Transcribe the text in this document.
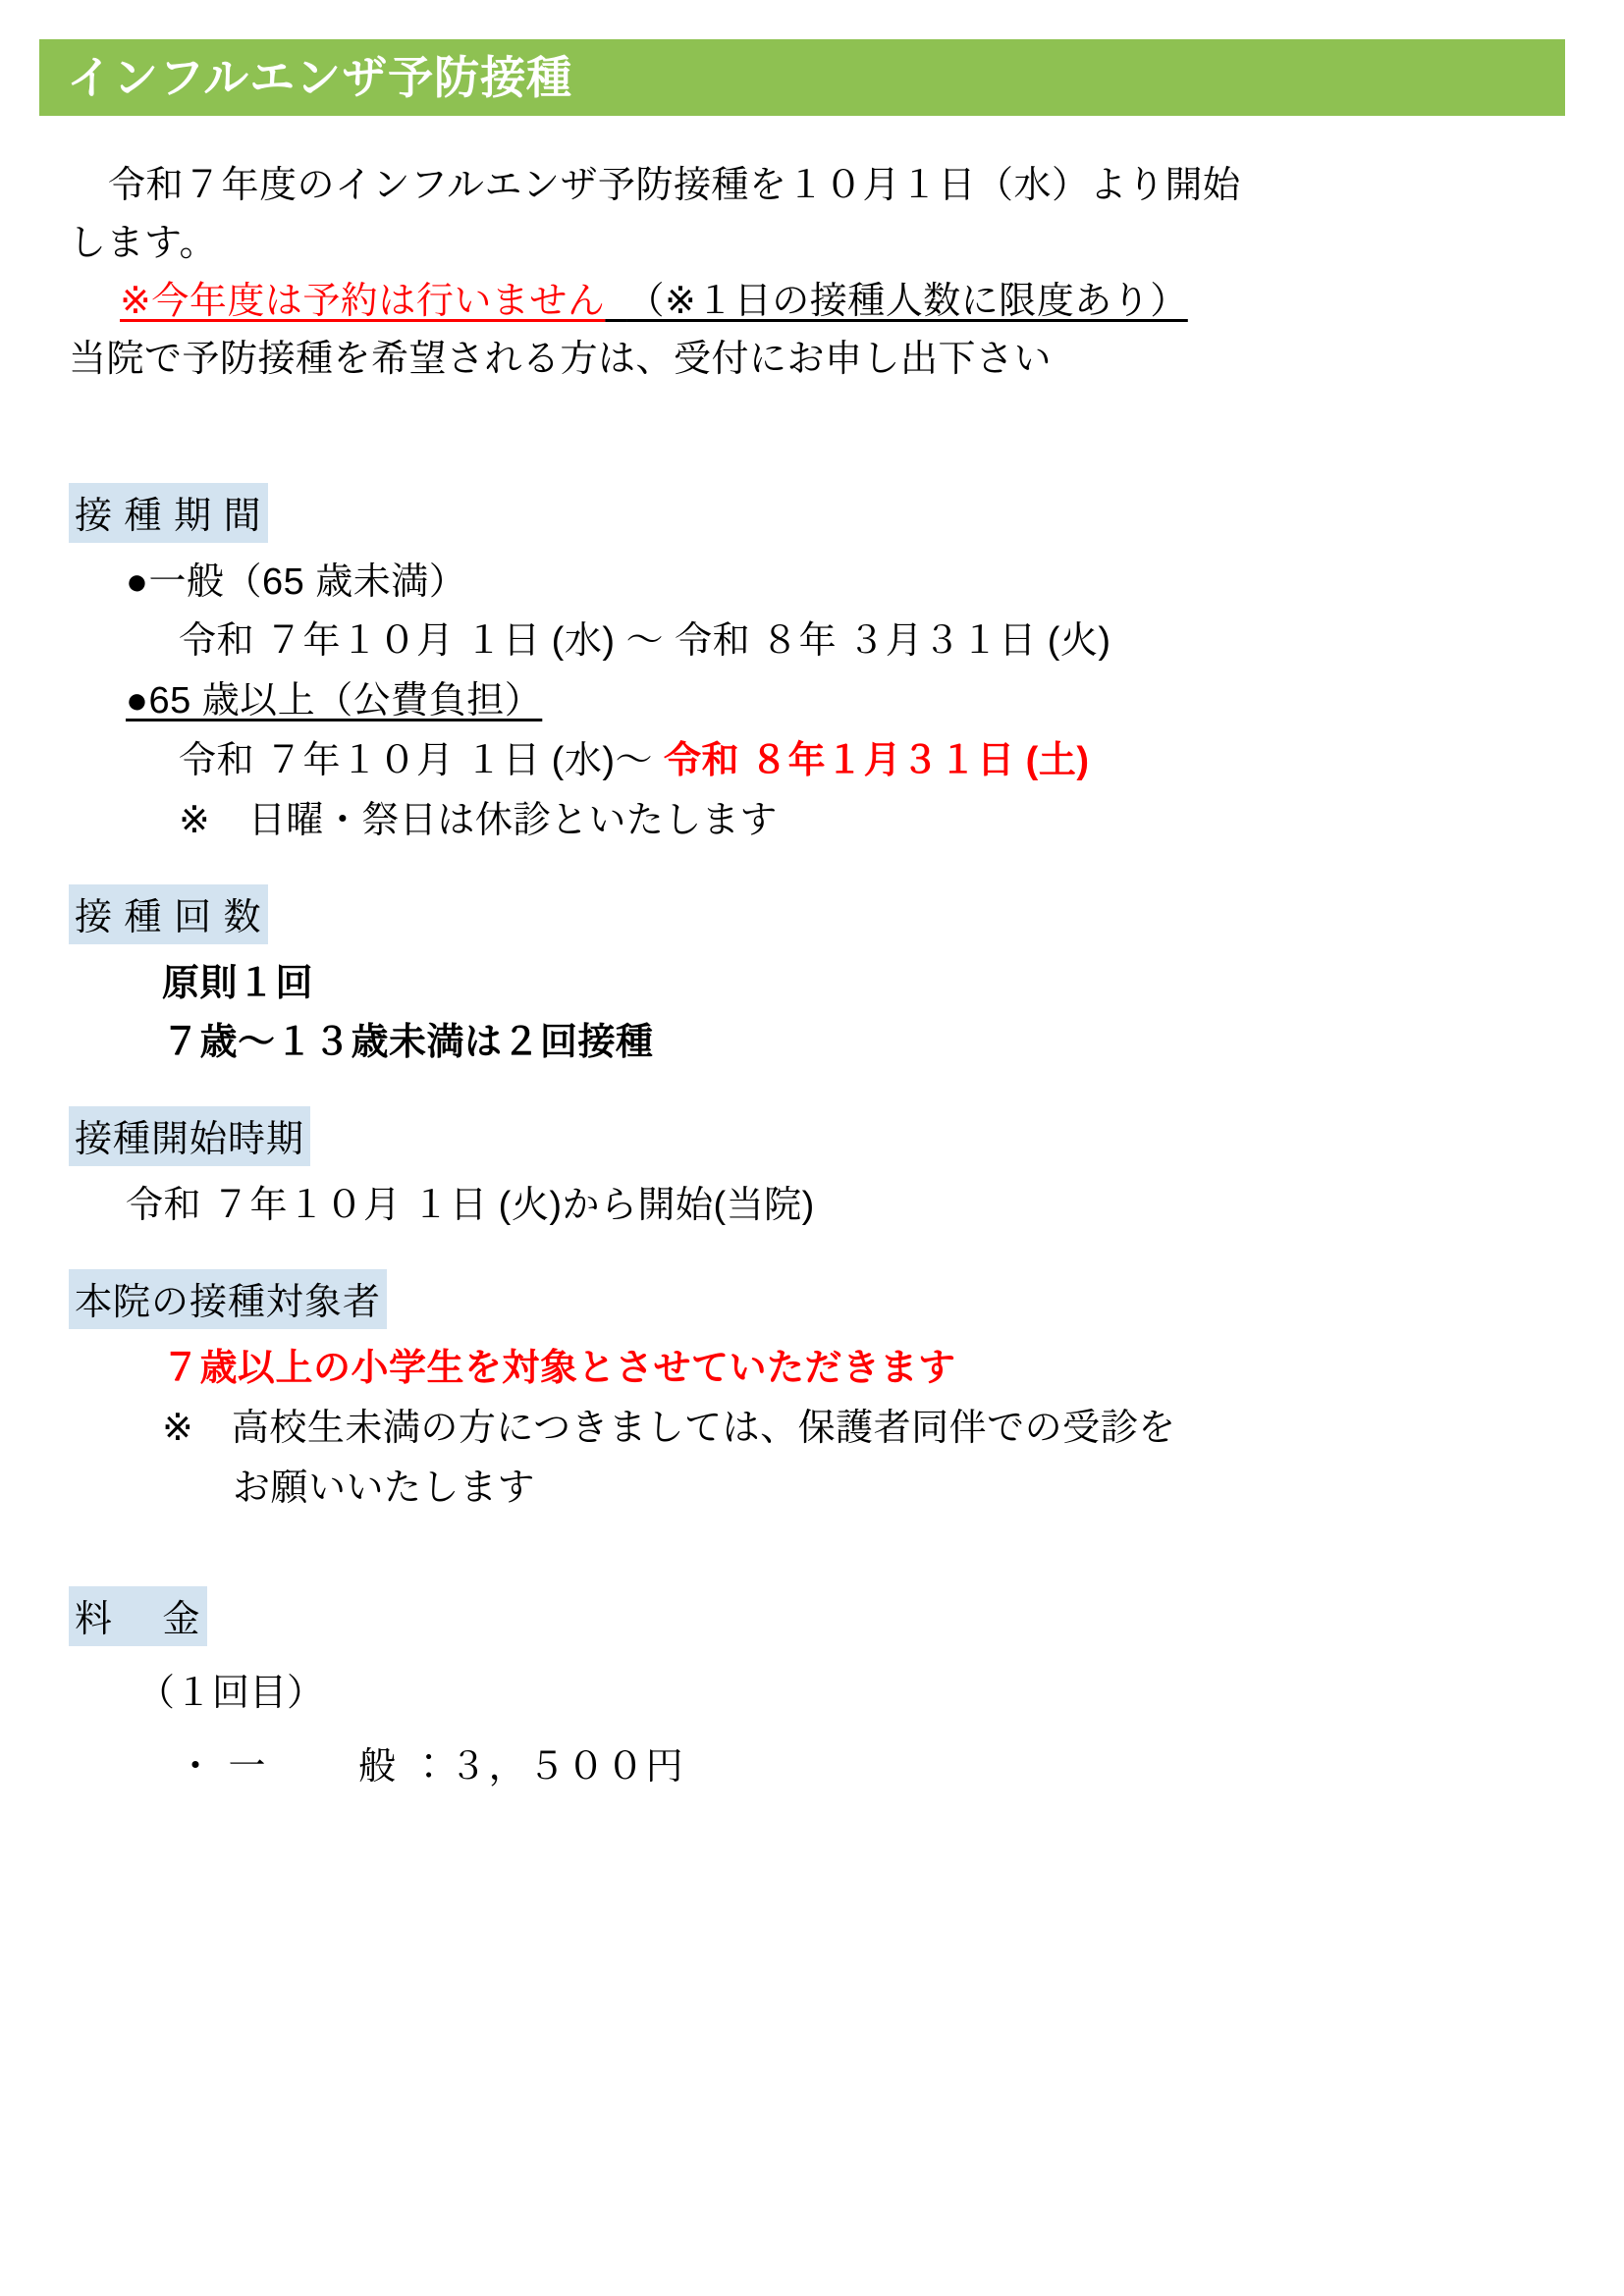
インフルエンザ予防接種
令和７年度のインフルエンザ予防接種を１０月１日（水）より開始
します。
※今年度は予約は行いません （※１日の接種人数に限度あり）
当院で予防接種を希望される方は、受付にお申し出下さい
接 種 期 間
●一般（65 歳未満）
令和 ７年１０月 １日 (水) ～ 令和 ８年 ３月３１日 (火)
●65 歳以上（公費負担）
令和 ７年１０月 １日 (水)～ 令和 ８年１月３１日 (土)
※　日曜・祭日は休診といたします
接 種 回 数
原則１回
７歳～１３歳未満は２回接種
接種開始時期
令和 ７年１０月 １日 (火)から開始(当院)
本院の接種対象者
７歳以上の小学生を対象とさせていただきます
※　高校生未満の方につきましては、保護者同伴での受診を
お願いいたします
料　 金
（１回目）
・ 一　　 般 ：３，５００円
